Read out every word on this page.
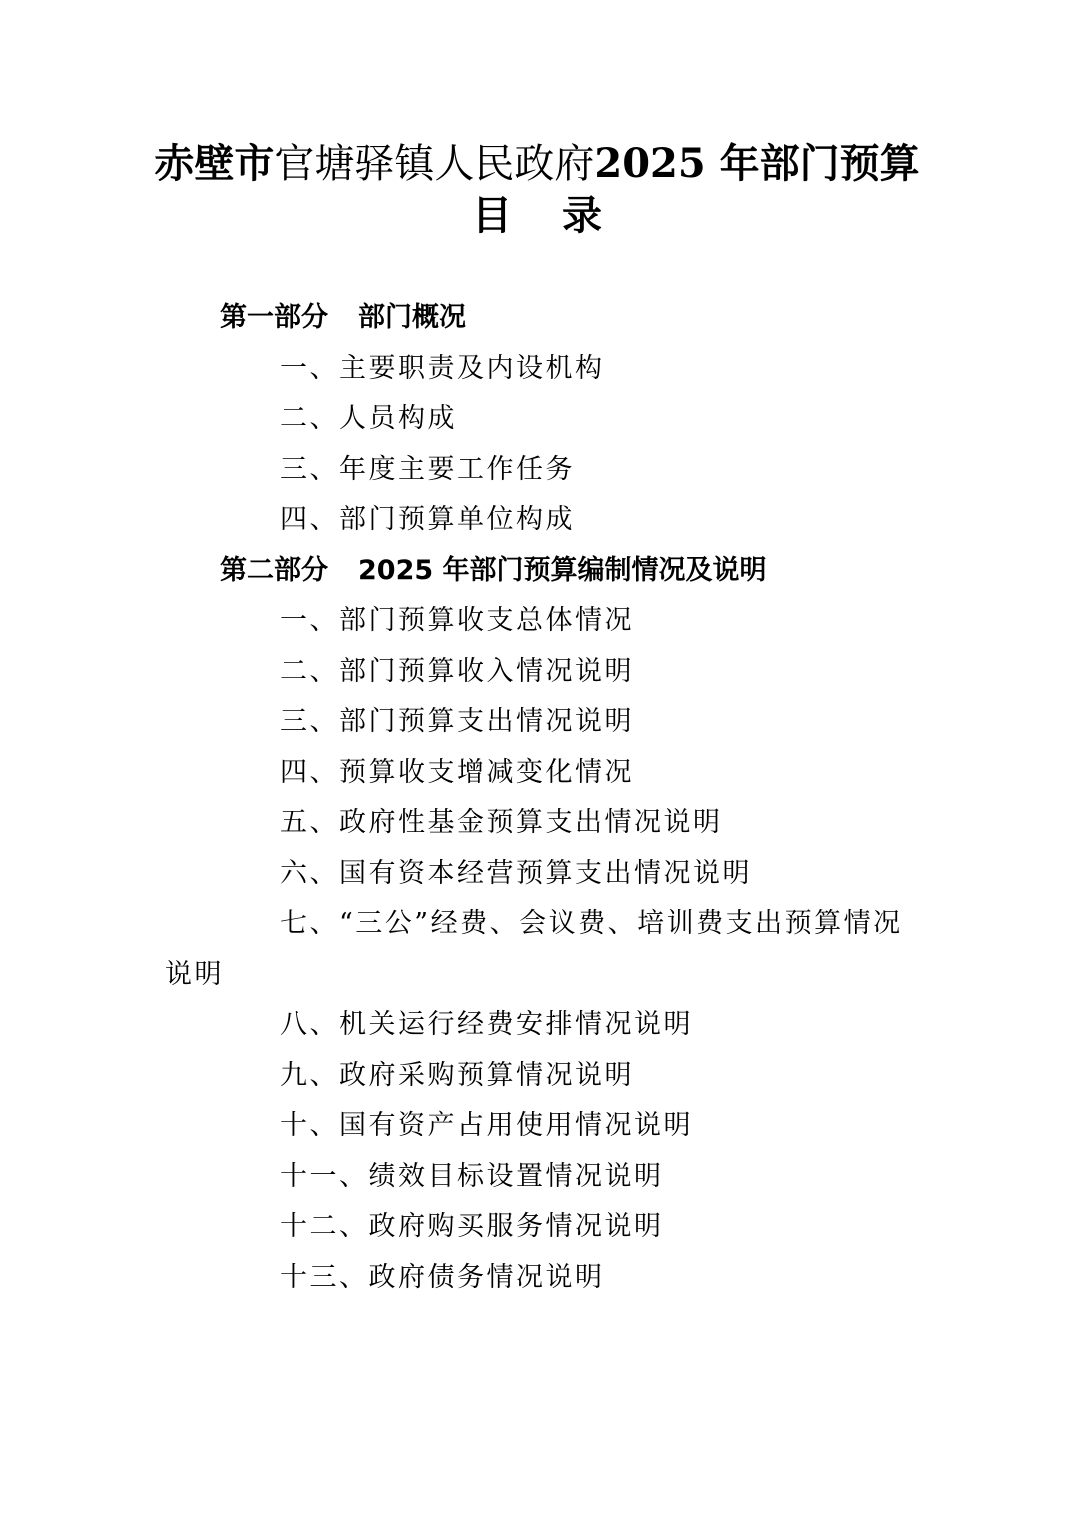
赤壁市官塘驿镇人民政府2025 年部门预算
目录
第一部分 部门概况
一、主要职责及内设机构
二、人员构成
三、年度主要工作任务
四、部门预算单位构成
第二部分 2025 年部门预算编制情况及说明
一、部门预算收支总体情况
二、部门预算收入情况说明
三、部门预算支出情况说明
四、预算收支增减变化情况
五、政府性基金预算支出情况说明
六、国有资本经营预算支出情况说明
七、“三公”经费、会议费、培训费支出预算情况
说明
八、机关运行经费安排情况说明
九、政府采购预算情况说明
十、国有资产占用使用情况说明
十一、绩效目标设置情况说明
十二、政府购买服务情况说明
十三、政府债务情况说明
